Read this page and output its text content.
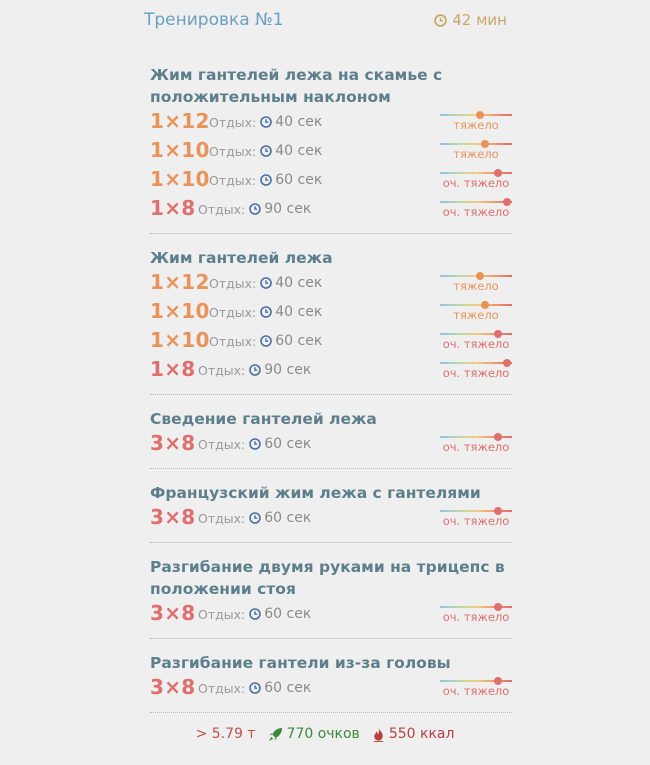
Тренировка №1	42 мин
Жим гантелей лежа на скамье с положительным наклоном
1×12 Отдых: 40 сек	тяжело
1×10 Отдых: 40 сек	тяжело
1×10 Отдых: 60 сек	оч. тяжело
1×8 Отдых: 90 сек	оч. тяжело
Жим гантелей лежа
1×12 Отдых: 40 сек	тяжело
1×10 Отдых: 40 сек	тяжело
1×10 Отдых: 60 сек	оч. тяжело
1×8 Отдых: 90 сек	оч. тяжело
Сведение гантелей лежа
3×8 Отдых: 60 сек	оч. тяжело
Французский жим лежа с гантелями
3×8 Отдых: 60 сек	оч. тяжело
Разгибание двумя руками на трицепс в положении стоя
3×8 Отдых: 60 сек	оч. тяжело
Разгибание гантели из-за головы
3×8 Отдых: 60 сек	оч. тяжело
> 5.79 т 770 очков 550 ккал
